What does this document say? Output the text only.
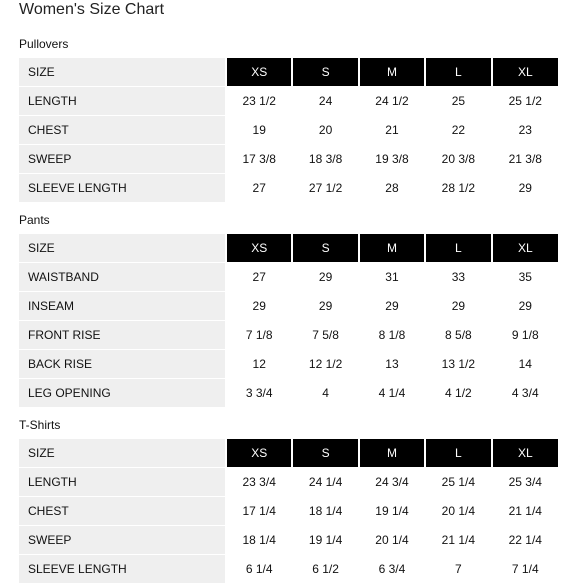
Women's Size Chart
Pullovers
SIZE	XS	S	M	L	XL
LENGTH	23 1/2	24	24 1/2	25	25 1/2
CHEST	19	20	21	22	23
SWEEP	17 3/8	18 3/8	19 3/8	20 3/8	21 3/8
SLEEVE LENGTH	27	27 1/2	28	28 1/2	29
Pants
SIZE	XS	S	M	L	XL
WAISTBAND	27	29	31	33	35
INSEAM	29	29	29	29	29
FRONT RISE	7 1/8	7 5/8	8 1/8	8 5/8	9 1/8
BACK RISE	12	12 1/2	13	13 1/2	14
LEG OPENING	3 3/4	4	4 1/4	4 1/2	4 3/4
T-Shirts
SIZE	XS	S	M	L	XL
LENGTH	23 3/4	24 1/4	24 3/4	25 1/4	25 3/4
CHEST	17 1/4	18 1/4	19 1/4	20 1/4	21 1/4
SWEEP	18 1/4	19 1/4	20 1/4	21 1/4	22 1/4
SLEEVE LENGTH	6 1/4	6 1/2	6 3/4	7	7 1/4
